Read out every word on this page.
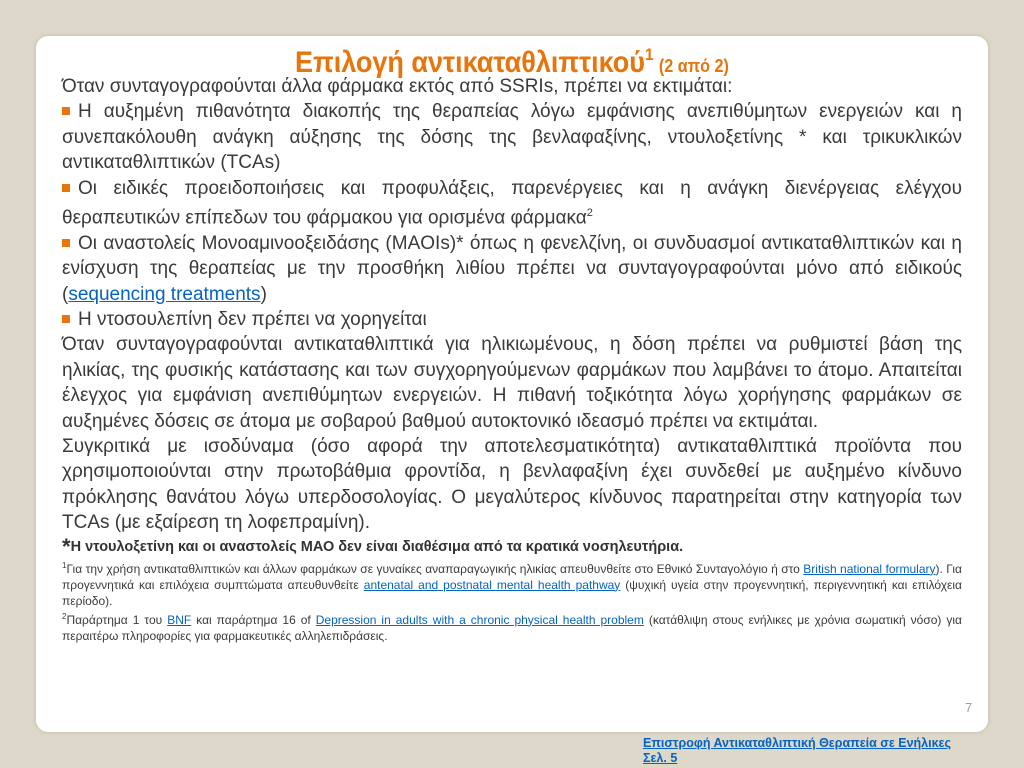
Επιλογή αντικαταθλιπτικού$^1$(2 από 2)

Όταν συνταγογραφούνται άλλα φάρμακα εκτός από SSRIs, πρέπει να εκτιμάται:

Η αυξημένη πιθανότητα διακοπής της θεραπείας λόγω εμφάνισης ανεπιθύμητων ενεργειών και η συνεπακόλουθη ανάγκη αύξησης της δόσης της βενλαφαξίνης, ντουλοξετίνης * και τρικυκλικών αντικαταθλιπτικών (TCAs)

Οι ειδικές προειδοποιήσεις και προφυλάξεις, παρενέργειες και η ανάγκη διενέργειας ελέγχου θεραπευτικών επίπεδων του φάρμακου για ορισμένα φάρμακα$^2$

Οι αναστολείς Μονοαμινοοξειδάσης (MAOIs)* όπως η φενελζίνη, οι συνδυασμοί αντικαταθλιπτικών και η ενίσχυση της θεραπείας με την προσθήκη λιθίου πρέπει να συνταγογραφούνται μόνο από ειδικούς (sequencing treatments)

Η ντοσουλεπίνη δεν πρέπει να χορηγείται

Όταν συνταγογραφούνται αντικαταθλιπτικά για ηλικιωμένους, η δόση πρέπει να ρυθμιστεί βάση της ηλικίας, της φυσικής κατάστασης και των συγχορηγούμενων φαρμάκων που λαμβάνει το άτομο. Απαιτείται έλεγχος για εμφάνιση ανεπιθύμητων ενεργειών. Η πιθανή τοξικότητα λόγω χορήγησης φαρμάκων σε αυξημένες δόσεις σε άτομα με σοβαρού βαθμού αυτοκτονικό ιδεασμό πρέπει να εκτιμάται.

Συγκριτικά με ισοδύναμα (όσο αφορά την αποτελεσματικότητα) αντικαταθλιπτικά προϊόντα που χρησιμοποιούνται στην πρωτοβάθμια φροντίδα, η βενλαφαξίνη έχει συνδεθεί με αυξημένο κίνδυνο πρόκλησης θανάτου λόγω υπερδοσολογίας. Ο μεγαλύτερος κίνδυνος παρατηρείται στην κατηγορία των TCAs (με εξαίρεση τη λοφεπραμίνη).

*Η ντουλοξετίνη και οι αναστολείς ΜΑΟ δεν είναι διαθέσιμα από τα κρατικά νοσηλευτήρια.

$^1$Για την χρήση αντικαταθλιπτικών και άλλων φαρμάκων σε γυναίκες αναπαραγωγικής ηλικίας απευθυνθείτε στο Εθνικό Συνταγολόγιο ή στο British national formulary). Για προγεννητικά και επιλόχεια συμπτώματα απευθυνθείτε antenatal and postnatal mental health pathway (ψυχική υγεία στην προγεννητική, περιγεννητική και επιλόχεια περίοδο).

$^2$Παράρτημα 1 του BNF και παράρτημα 16 of Depression in adults with a chronic physical health problem (κατάθλιψη στους ενήλικες με χρόνια σωματική νόσο) για περαιτέρω πληροφορίες για φαρμακευτικές αλληλεπιδράσεις.

7
Επιστροφή Αντικαταθλιπτική Θεραπεία σε Ενήλικες Σελ. 5
